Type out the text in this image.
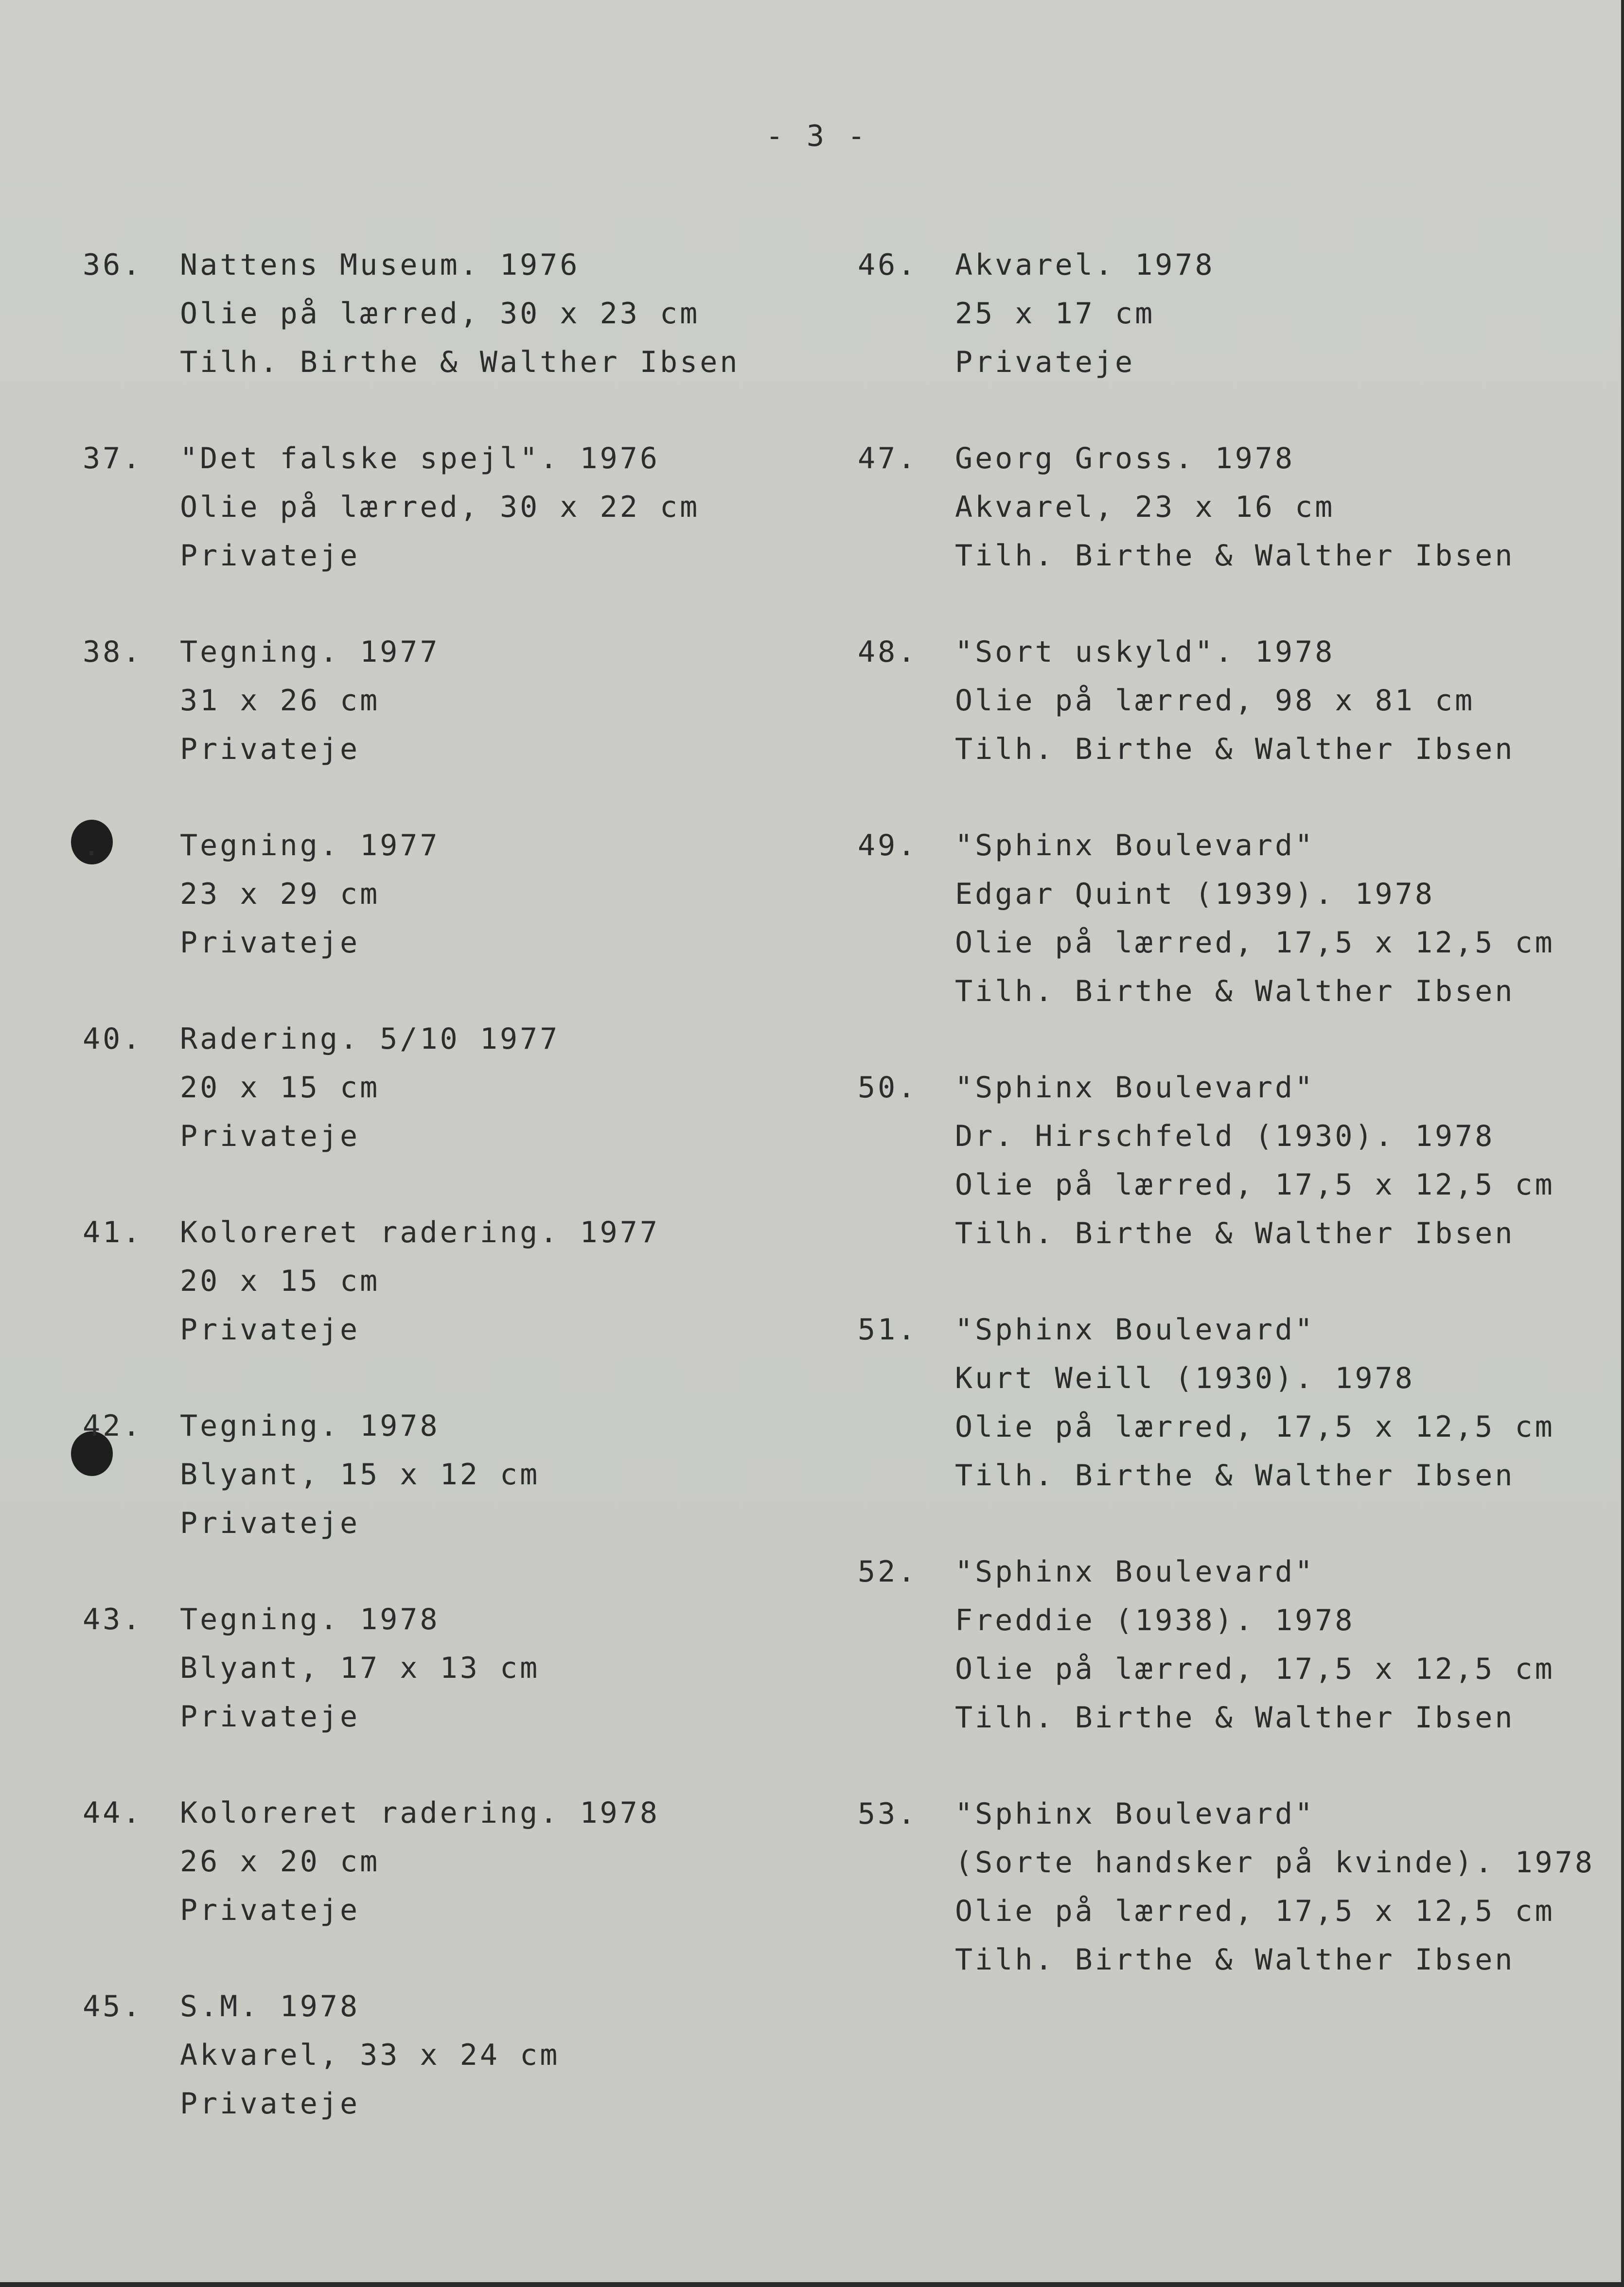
- 3 -
36. Nattens Museum. 1976
Olie på lærred, 30 x 23 cm
Tilh. Birthe & Walther Ibsen
37. "Det falske spejl". 1976
Olie på lærred, 30 x 22 cm
Privateje
38. Tegning. 1977
31 x 26 cm
Privateje
.	Tegning. 1977
23 x 29 cm
Privateje
40. Radering. 5/10 1977
20 x 15 cm
Privateje
41. Koloreret radering. 1977
20 x 15 cm
Privateje
42. Tegning. 1978
Blyant, 15 x 12 cm
Privateje
43. Tegning. 1978
Blyant, 17 x 13 cm
Privateje
44. Koloreret radering. 1978
26 x 20 cm
Privateje
45. S.M. 1978
Akvarel, 33 x 24 cm
Privateje
46. Akvarel. 1978
25 x 17 cm
Privateje
47. Georg Gross. 1978
Akvarel, 23 x 16 cm
Tilh. Birthe & Walther Ibsen
48. "Sort uskyld". 1978
Olie på lærred, 98 x 81 cm
Tilh. Birthe & Walther Ibsen
49. "Sphinx Boulevard"
Edgar Quint (1939). 1978
Olie på lærred, 17,5 x 12,5 cm
Tilh. Birthe & Walther Ibsen
50. "Sphinx Boulevard"
Dr. Hirschfeld (1930). 1978
Olie på lærred, 17,5 x 12,5 cm
Tilh. Birthe & Walther Ibsen
51. "Sphinx Boulevard"
Kurt Weill (1930). 1978
Olie på lærred, 17,5 x 12,5 cm
Tilh. Birthe & Walther Ibsen
52. "Sphinx Boulevard"
Freddie (1938). 1978
Olie på lærred, 17,5 x 12,5 cm
Tilh. Birthe & Walther Ibsen
53. "Sphinx Boulevard"
(Sorte handsker på kvinde). 1978
Olie på lærred, 17,5 x 12,5 cm
Tilh. Birthe & Walther Ibsen
